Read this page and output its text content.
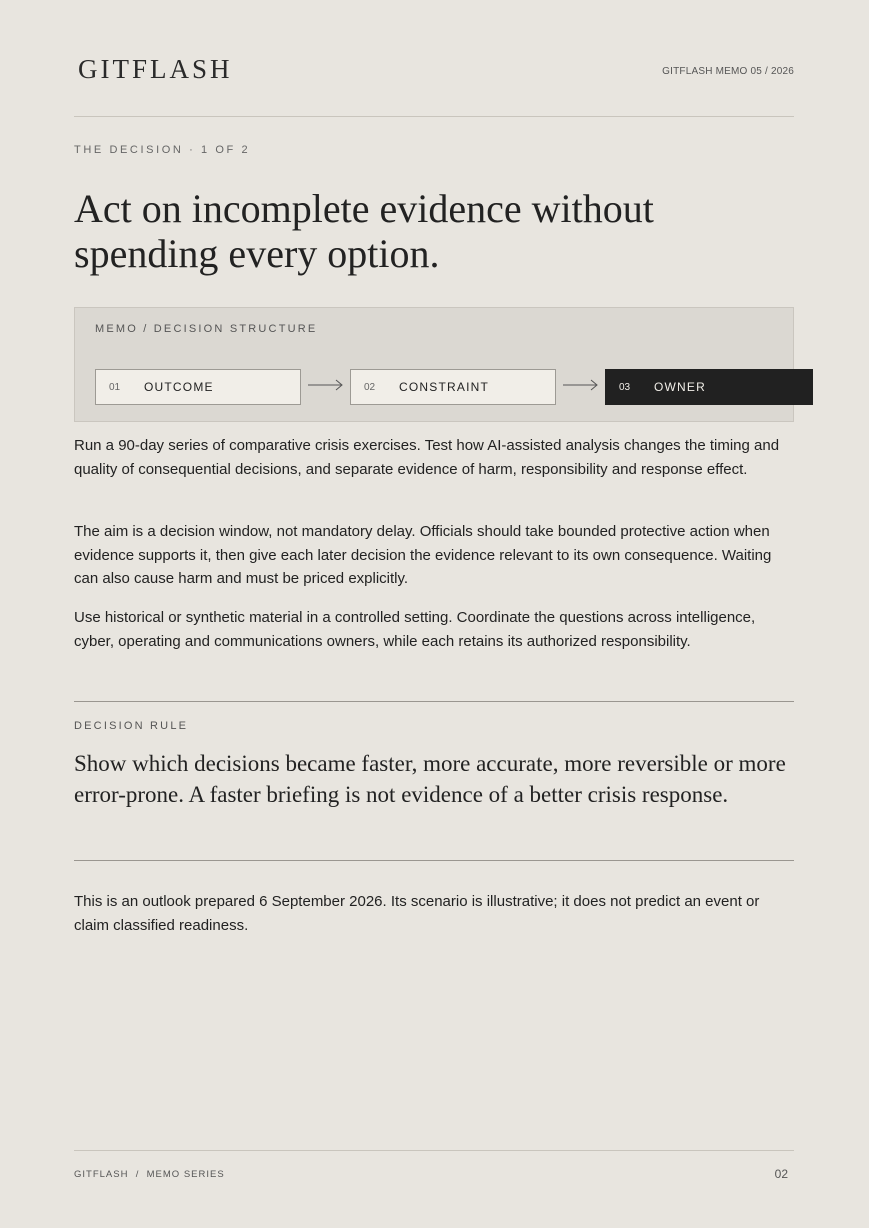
GITFLASH	GITFLASH MEMO 05 / 2026
THE DECISION · 1 OF 2
Act on incomplete evidence without spending every option.
MEMO / DECISION STRUCTURE
01	OUTCOME	02	CONSTRAINT	03	OWNER

Run a 90-day series of comparative crisis exercises. Test how AI-assisted analysis changes the timing and quality of consequential decisions, and separate evidence of harm, responsibility and response effect.

The aim is a decision window, not mandatory delay. Officials should take bounded protective action when evidence supports it, then give each later decision the evidence relevant to its own consequence. Waiting can also cause harm and must be priced explicitly.

Use historical or synthetic material in a controlled setting. Coordinate the questions across intelligence, cyber, operating and communications owners, while each retains its authorized responsibility.

DECISION RULE

Show which decisions became faster, more accurate, more reversible or more error-prone. A faster briefing is not evidence of a better crisis response.

This is an outlook prepared 6 September 2026. Its scenario is illustrative; it does not predict an event or claim classified readiness.

GITFLASH  /  MEMO SERIES	02
